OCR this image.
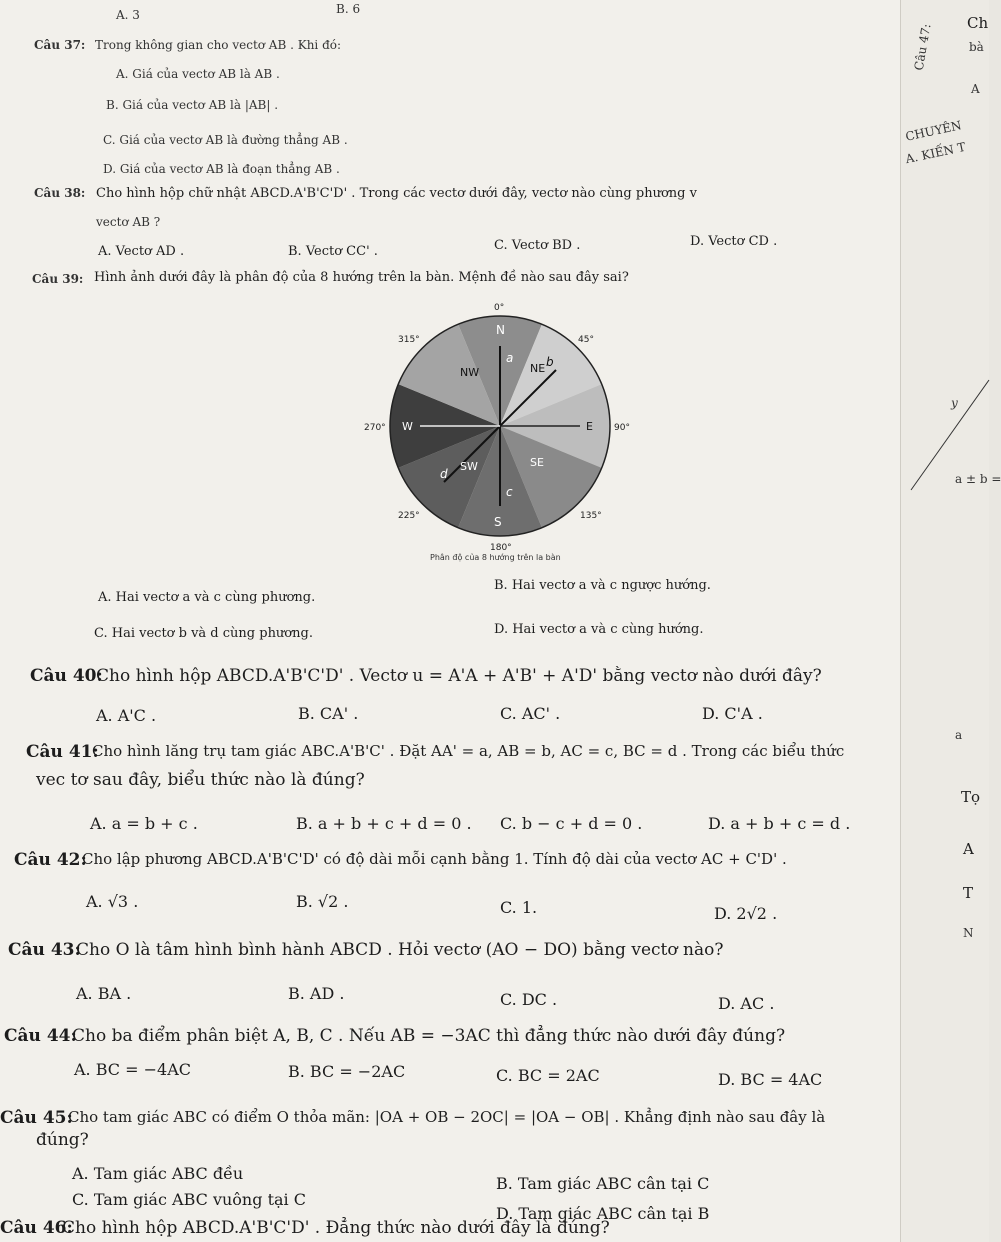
A. 3	B. 6
Câu 37: Trong không gian cho vectơ AB . Khi đó:
A. Giá của vectơ AB là AB .
B. Giá của vectơ AB là |AB| .
C. Giá của vectơ AB là đường thẳng AB .
D. Giá của vectơ AB là đoạn thẳng AB .
Câu 38: Cho hình hộp chữ nhật ABCD.A'B'C'D' . Trong các vectơ dưới đây, vectơ nào cùng phương v
vectơ AB ?
A. Vectơ AD .	B. Vectơ CC' .	C. Vectơ BD .	D. Vectơ CD .
Câu 39: Hình ảnh dưới đây là phân độ của 8 hướng trên la bàn. Mệnh đề nào sau đây sai?
N
NW	NE
W	E
SW	SE
S
a	b
c
d
0°
45°
90°
135°
180°
225°
270°
315°
Phân độ của 8 hướng trên la bàn
A. Hai vectơ a và c cùng phương.
B. Hai vectơ a và c ngược hướng.
C. Hai vectơ b và d cùng phương.	D. Hai vectơ a và c cùng hướng.
Câu 40:
Cho hình hộp ABCD.A'B'C'D' . Vectơ u = A'A + A'B' + A'D' bằng vectơ nào dưới đây?
A. A'C .	B. CA' .	C. AC' .	D. C'A .
Câu 41:
Cho hình lăng trụ tam giác ABC.A'B'C' . Đặt AA' = a, AB = b, AC = c, BC = d . Trong các biểu thức
vec tơ sau đây, biểu thức nào là đúng?
A. a = b + c .	B. a + b + c + d = 0 . C. b − c + d = 0 .	D. a + b + c = d .
Câu 42:
Cho lập phương ABCD.A'B'C'D' có độ dài mỗi cạnh bằng 1. Tính độ dài của vectơ AC + C'D' .
A. √3 .	B. √2 .	C. 1.	D. 2√2 .
Câu 43:
Cho O là tâm hình bình hành ABCD . Hỏi vectơ (AO − DO) bằng vectơ nào?
A. BA .	B. AD .	C. DC .	D. AC .
Câu 44:
Cho ba điểm phân biệt A, B, C . Nếu AB = −3AC thì đẳng thức nào dưới đây đúng?
A. BC = −4AC	B. BC = −2AC	C. BC = 2AC	D. BC = 4AC
Câu 45:
Cho tam giác ABC có điểm O thỏa mãn: |OA + OB − 2OC| = |OA − OB| . Khẳng định nào sau đây là
đúng?
A. Tam giác ABC đều
B. Tam giác ABC cân tại C
C. Tam giác ABC vuông tại C
D. Tam giác ABC cân tại B
Câu 46:
Cho hình hộp ABCD.A'B'C'D' . Đẳng thức nào dưới đây là đúng?
Câu 47: Ch
bà
A
CHUYÊN
A. KIẾN T
y
a ± b =
a
Tọ
A
T
N
